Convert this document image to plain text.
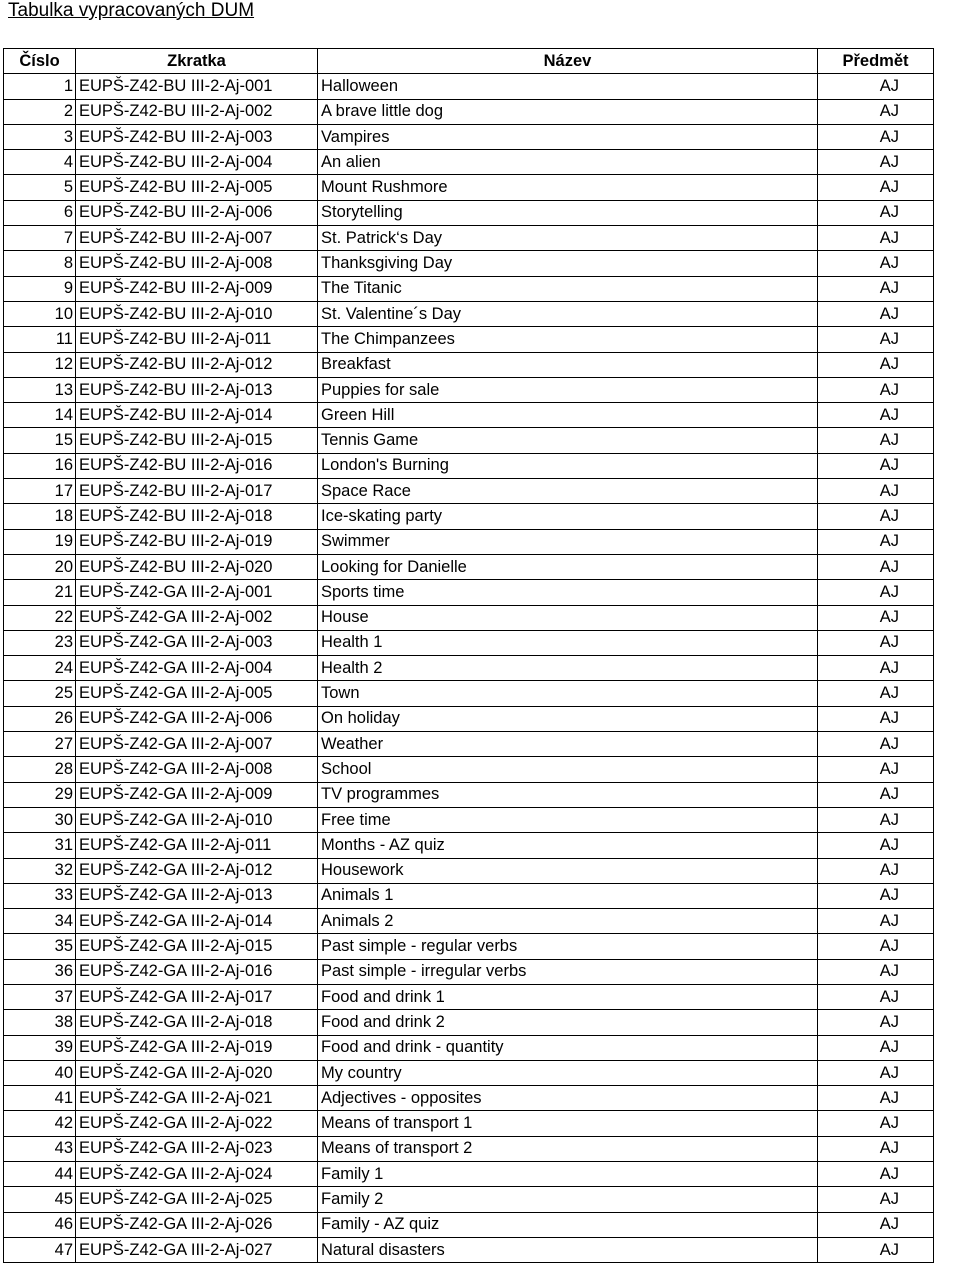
Tabulka vypracovaných DUM
Číslo	Zkratka	Název	Předmět
1	EUPŠ-Z42-BU III-2-Aj-001	Halloween	AJ
2	EUPŠ-Z42-BU III-2-Aj-002	A brave little dog	AJ
3	EUPŠ-Z42-BU III-2-Aj-003	Vampires	AJ
4	EUPŠ-Z42-BU III-2-Aj-004	An alien	AJ
5	EUPŠ-Z42-BU III-2-Aj-005	Mount Rushmore	AJ
6	EUPŠ-Z42-BU III-2-Aj-006	Storytelling	AJ
7	EUPŠ-Z42-BU III-2-Aj-007	St. Patrick‘s Day	AJ
8	EUPŠ-Z42-BU III-2-Aj-008	Thanksgiving Day	AJ
9	EUPŠ-Z42-BU III-2-Aj-009	The Titanic	AJ
10	EUPŠ-Z42-BU III-2-Aj-010	St. Valentine´s Day	AJ
11	EUPŠ-Z42-BU III-2-Aj-011	The Chimpanzees	AJ
12	EUPŠ-Z42-BU III-2-Aj-012	Breakfast	AJ
13	EUPŠ-Z42-BU III-2-Aj-013	Puppies for sale	AJ
14	EUPŠ-Z42-BU III-2-Aj-014	Green Hill	AJ
15	EUPŠ-Z42-BU III-2-Aj-015	Tennis Game	AJ
16	EUPŠ-Z42-BU III-2-Aj-016	London's Burning	AJ
17	EUPŠ-Z42-BU III-2-Aj-017	Space Race	AJ
18	EUPŠ-Z42-BU III-2-Aj-018	Ice-skating party	AJ
19	EUPŠ-Z42-BU III-2-Aj-019	Swimmer	AJ
20	EUPŠ-Z42-BU III-2-Aj-020	Looking for Danielle	AJ
21	EUPŠ-Z42-GA III-2-Aj-001	Sports time	AJ
22	EUPŠ-Z42-GA III-2-Aj-002	House	AJ
23	EUPŠ-Z42-GA III-2-Aj-003	Health 1	AJ
24	EUPŠ-Z42-GA III-2-Aj-004	Health 2	AJ
25	EUPŠ-Z42-GA III-2-Aj-005	Town	AJ
26	EUPŠ-Z42-GA III-2-Aj-006	On holiday	AJ
27	EUPŠ-Z42-GA III-2-Aj-007	Weather	AJ
28	EUPŠ-Z42-GA III-2-Aj-008	School	AJ
29	EUPŠ-Z42-GA III-2-Aj-009	TV programmes	AJ
30	EUPŠ-Z42-GA III-2-Aj-010	Free time	AJ
31	EUPŠ-Z42-GA III-2-Aj-011	Months - AZ quiz	AJ
32	EUPŠ-Z42-GA III-2-Aj-012	Housework	AJ
33	EUPŠ-Z42-GA III-2-Aj-013	Animals 1	AJ
34	EUPŠ-Z42-GA III-2-Aj-014	Animals 2	AJ
35	EUPŠ-Z42-GA III-2-Aj-015	Past simple - regular verbs	AJ
36	EUPŠ-Z42-GA III-2-Aj-016	Past simple - irregular verbs	AJ
37	EUPŠ-Z42-GA III-2-Aj-017	Food and drink 1	AJ
38	EUPŠ-Z42-GA III-2-Aj-018	Food and drink 2	AJ
39	EUPŠ-Z42-GA III-2-Aj-019	Food and drink - quantity	AJ
40	EUPŠ-Z42-GA III-2-Aj-020	My country	AJ
41	EUPŠ-Z42-GA III-2-Aj-021	Adjectives - opposites	AJ
42	EUPŠ-Z42-GA III-2-Aj-022	Means of transport 1	AJ
43	EUPŠ-Z42-GA III-2-Aj-023	Means of transport 2	AJ
44	EUPŠ-Z42-GA III-2-Aj-024	Family 1	AJ
45	EUPŠ-Z42-GA III-2-Aj-025	Family 2	AJ
46	EUPŠ-Z42-GA III-2-Aj-026	Family - AZ quiz	AJ
47	EUPŠ-Z42-GA III-2-Aj-027	Natural disasters	AJ
